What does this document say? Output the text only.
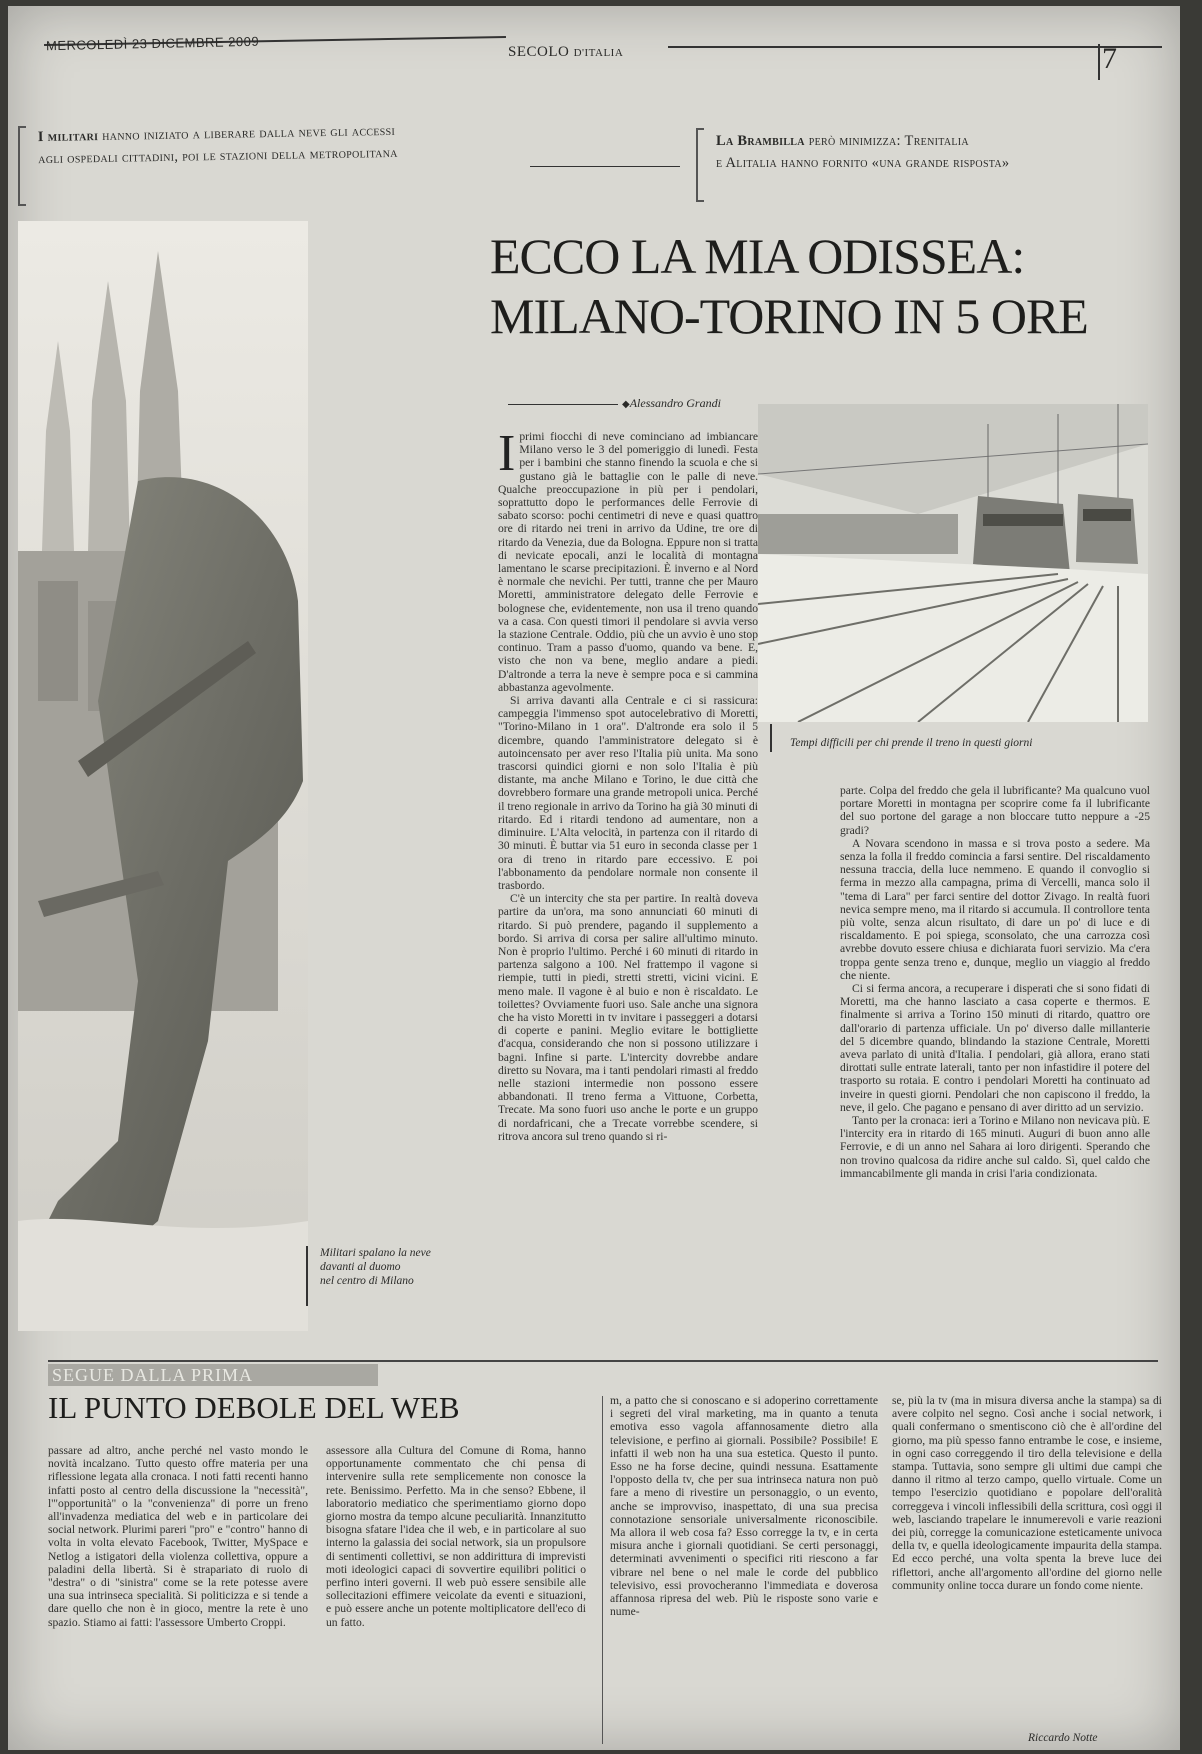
MERCOLEDÌ 23 DICEMBRE 2009	SECOLO D'ITALIA	7
I militari hanno iniziato a liberare dalla neve gli accessi
agli ospedali cittadini, poi le stazioni della metropolitana
La Brambilla però minimizza: Trenitalia
e Alitalia hanno fornito «una grande risposta»
ECCO LA MIA ODISSEA:
MILANO-TORINO IN 5 ORE
◆ Alessandro Grandi
Militari spalano la neve
davanti al duomo
nel centro di Milano
Tempi difficili per chi prende il treno in questi giorni

Iprimi fiocchi di neve cominciano ad imbiancare Milano verso le 3 del pomeriggio di lunedì. Festa per i bambini che stanno finendo la scuola e che si gustano già le battaglie con le palle di neve. Qualche preoccupazione in più per i pendolari, soprattutto dopo le performances delle Ferrovie di sabato scorso: pochi centimetri di neve e quasi quattro ore di ritardo nei treni in arrivo da Udine, tre ore di ritardo da Venezia, due da Bologna. Eppure non si tratta di nevicate epocali, anzi le località di montagna lamentano le scarse precipitazioni. È inverno e al Nord è normale che nevichi. Per tutti, tranne che per Mauro Moretti, amministratore delegato delle Ferrovie e bolognese che, evidentemente, non usa il treno quando va a casa. Con questi timori il pendolare si avvia verso la stazione Centrale. Oddio, più che un avvio è uno stop continuo. Tram a passo d'uomo, quando va bene. E, visto che non va bene, meglio andare a piedi. D'altronde a terra la neve è sempre poca e si cammina abbastanza agevolmente.

Si arriva davanti alla Centrale e ci si rassicura: campeggia l'immenso spot autocelebrativo di Moretti, "Torino-Milano in 1 ora". D'altronde era solo il 5 dicembre, quando l'amministratore delegato si è autoincensato per aver reso l'Italia più unita. Ma sono trascorsi quindici giorni e non solo l'Italia è più distante, ma anche Milano e Torino, le due città che dovrebbero formare una grande metropoli unica. Perché il treno regionale in arrivo da Torino ha già 30 minuti di ritardo. Ed i ritardi tendono ad aumentare, non a diminuire. L'Alta velocità, in partenza con il ritardo di 30 minuti. È buttar via 51 euro in seconda classe per 1 ora di treno in ritardo pare eccessivo. E poi l'abbonamento da pendolare normale non consente il trasbordo.

C'è un intercity che sta per partire. In realtà doveva partire da un'ora, ma sono annunciati 60 minuti di ritardo. Si può prendere, pagando il supplemento a bordo. Si arriva di corsa per salire all'ultimo minuto. Non è proprio l'ultimo. Perché i 60 minuti di ritardo in partenza salgono a 100. Nel frattempo il vagone si riempie, tutti in piedi, stretti stretti, vicini vicini. E meno male. Il vagone è al buio e non è riscaldato. Le toilettes? Ovviamente fuori uso. Sale anche una signora che ha visto Moretti in tv invitare i passeggeri a dotarsi di coperte e panini. Meglio evitare le bottigliette d'acqua, considerando che non si possono utilizzare i bagni. Infine si parte. L'intercity dovrebbe andare diretto su Novara, ma i tanti pendolari rimasti al freddo nelle stazioni intermedie non possono essere abbandonati. Il treno ferma a Vittuone, Corbetta, Trecate. Ma sono fuori uso anche le porte e un gruppo di nordafricani, che a Trecate vorrebbe scendere, si ritrova ancora sul treno quando si ri-

parte. Colpa del freddo che gela il lubrificante? Ma qualcuno vuol portare Moretti in montagna per scoprire come fa il lubrificante del suo portone del garage a non bloccare tutto neppure a -25 gradi?

A Novara scendono in massa e si trova posto a sedere. Ma senza la folla il freddo comincia a farsi sentire. Del riscaldamento nessuna traccia, della luce nemmeno. E quando il convoglio si ferma in mezzo alla campagna, prima di Vercelli, manca solo il "tema di Lara" per farci sentire del dottor Zivago. In realtà fuori nevica sempre meno, ma il ritardo si accumula. Il controllore tenta più volte, senza alcun risultato, di dare un po' di luce e di riscaldamento. E poi spiega, sconsolato, che una carrozza così avrebbe dovuto essere chiusa e dichiarata fuori servizio. Ma c'era troppa gente senza treno e, dunque, meglio un viaggio al freddo che niente.

Ci si ferma ancora, a recuperare i disperati che si sono fidati di Moretti, ma che hanno lasciato a casa coperte e thermos. E finalmente si arriva a Torino 150 minuti di ritardo, quattro ore dall'orario di partenza ufficiale. Un po' diverso dalle millanterie del 5 dicembre quando, blindando la stazione Centrale, Moretti aveva parlato di unità d'Italia. I pendolari, già allora, erano stati dirottati sulle entrate laterali, tanto per non infastidire il potere del trasporto su rotaia. E contro i pendolari Moretti ha continuato ad inveire in questi giorni. Pendolari che non capiscono il freddo, la neve, il gelo. Che pagano e pensano di aver diritto ad un servizio.

Tanto per la cronaca: ieri a Torino e Milano non nevicava più. E l'intercity era in ritardo di 165 minuti. Auguri di buon anno alle Ferrovie, e di un anno nel Sahara ai loro dirigenti. Sperando che non trovino qualcosa da ridire anche sul caldo. Sì, quel caldo che immancabilmente gli manda in crisi l'aria condizionata.

SEGUE DALLA PRIMA
IL PUNTO DEBOLE DEL WEB
passare ad altro, anche perché nel vasto mondo le novità incalzano. Tutto questo offre materia per una riflessione legata alla cronaca. I noti fatti recenti hanno infatti posto al centro della discussione la "necessità", l'"opportunità" o la "convenienza" di porre un freno all'invadenza mediatica del web e in particolare dei social network. Plurimi pareri "pro" e "contro" hanno di volta in volta elevato Facebook, Twitter, MySpace e Netlog a istigatori della violenza collettiva, oppure a paladini della libertà. Si è strapariato di ruolo di "destra" o di "sinistra" come se la rete potesse avere una sua intrinseca specialità. Si politicizza e si tende a dare quello che non è in gioco, mentre la rete è uno spazio. Stiamo ai fatti: l'assessore Umberto Croppi.
assessore alla Cultura del Comune di Roma, hanno opportunamente commentato che chi pensa di intervenire sulla rete semplicemente non conosce la rete. Benissimo. Perfetto. Ma in che senso? Ebbene, il laboratorio mediatico che sperimentiamo giorno dopo giorno mostra da tempo alcune peculiarità. Innanzitutto bisogna sfatare l'idea che il web, e in particolare al suo interno la galassia dei social network, sia un propulsore di sentimenti collettivi, se non addirittura di imprevisti moti ideologici capaci di sovvertire equilibri politici o perfino interi governi. Il web può essere sensibile alle sollecitazioni effimere veicolate da eventi e situazioni, e può essere anche un potente moltiplicatore dell'eco di un fatto.
m, a patto che si conoscano e si adoperino correttamente i segreti del viral marketing, ma in quanto a tenuta emotiva esso vagola affannosamente dietro alla televisione, e perfino ai giornali. Possibile? Possibile! E infatti il web non ha una sua estetica. Questo il punto. Esso ne ha forse decine, quindi nessuna. Esattamente l'opposto della tv, che per sua intrinseca natura non può fare a meno di rivestire un personaggio, o un evento, anche se improvviso, inaspettato, di una sua precisa connotazione sensoriale universalmente riconoscibile. Ma allora il web cosa fa? Esso corregge la tv, e in certa misura anche i giornali quotidiani. Se certi personaggi, determinati avvenimenti o specifici riti riescono a far vibrare nel bene o nel male le corde del pubblico televisivo, essi provocheranno l'immediata e doverosa affannosa ripresa del web. Più le risposte sono varie e nume-
se, più la tv (ma in misura diversa anche la stampa) sa di avere colpito nel segno. Così anche i social network, i quali confermano o smentiscono ciò che è all'ordine del giorno, ma più spesso fanno entrambe le cose, e insieme, in ogni caso correggendo il tiro della televisione e della stampa. Tuttavia, sono sempre gli ultimi due campi che danno il ritmo al terzo campo, quello virtuale. Come un tempo l'esercizio quotidiano e popolare dell'oralità correggeva i vincoli inflessibili della scrittura, così oggi il web, lasciando trapelare le innumerevoli e varie reazioni dei più, corregge la comunicazione esteticamente univoca della tv, e quella ideologicamente impaurita della stampa. Ed ecco perché, una volta spenta la breve luce dei riflettori, anche all'argomento all'ordine del giorno nelle community online tocca durare un fondo come niente.
Riccardo Notte
